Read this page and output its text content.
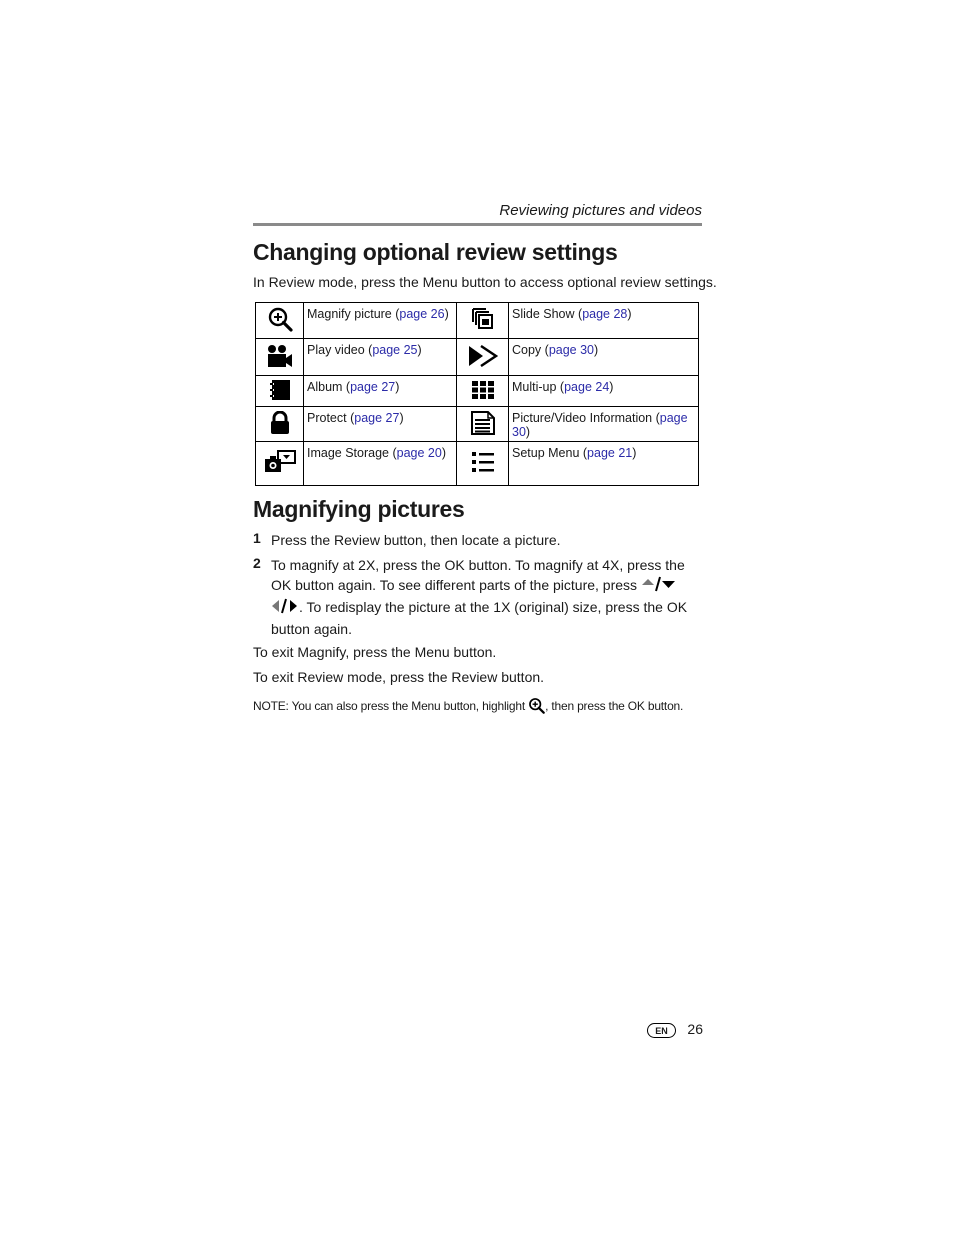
Reviewing pictures and videos
Changing optional review settings

In Review mode, press the Menu button to access optional review settings.

	Magnify picture (page 26)		Slide Show (page 28)
	Play video (page 25)		Copy (page 30)
	Album (page 27)		Multi-up (page 24)
	Protect (page 27)		Picture/Video Information (page 30)
	Image Storage (page 20)		Setup Menu (page 21)
Magnifying pictures
1 Press the Review button, then locate a picture.
2 To magnify at 2X, press the OK button. To magnify at 4X, press the OK button again. To see different parts of the picture, press  . To redisplay the picture at the 1X (original) size, press the OK button again.

To exit Magnify, press the Menu button.

To exit Review mode, press the Review button.

NOTE: You can also press the Menu button, highlight , then press the OK button.

EN	26
